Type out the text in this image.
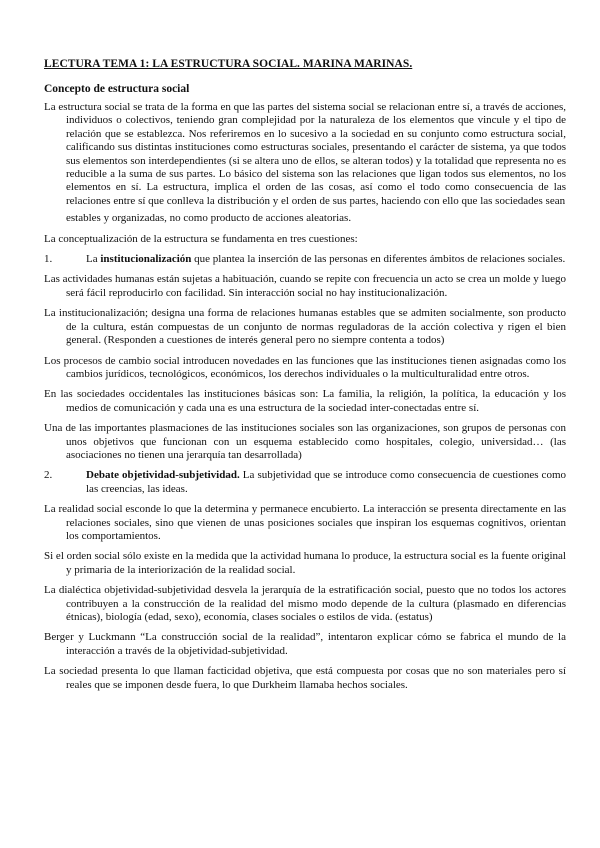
LECTURA TEMA 1: LA ESTRUCTURA SOCIAL. MARINA MARINAS.
Concepto de estructura social

La estructura social se trata de la forma en que las partes del sistema social se relacionan entre sí, a través de acciones, individuos o colectivos, teniendo gran complejidad por la naturaleza de los elementos que vincule y el tipo de relación que se establezca. Nos referiremos en lo sucesivo a la sociedad en su conjunto como estructura social, calificando sus distintas instituciones como estructuras sociales, presentando el carácter de sistema, ya que todos sus elementos son interdependientes (si se altera uno de ellos, se alteran todos) y la totalidad que representa no es reducible a la suma de sus partes. Lo básico del sistema son las relaciones que ligan todos sus elementos, no los elementos en sí. La estructura, implica el orden de las cosas, así como el todo como consecuencia de las relaciones entre sí que conlleva la distribución y el orden de sus partes, haciendo con ello que las sociedades sean

estables y organizadas, no como producto de acciones aleatorias.

La conceptualización de la estructura se fundamenta en tres cuestiones:

1.	La institucionalización que plantea la inserción de las personas en diferentes ámbitos de relaciones sociales.

Las actividades humanas están sujetas a habituación, cuando se repite con frecuencia un acto se crea un molde y luego será fácil reproducirlo con facilidad. Sin interacción social no hay institucionalización.

La institucionalización; designa una forma de relaciones humanas estables que se admiten socialmente, son producto de la cultura, están compuestas de un conjunto de normas reguladoras de la acción colectiva y rigen el bien general. (Responden a cuestiones de interés general pero no siempre contenta a todos)

Los procesos de cambio social introducen novedades en las funciones que las instituciones tienen asignadas como los cambios jurídicos, tecnológicos, económicos, los derechos individuales o la multiculturalidad entre otros.

En las sociedades occidentales las instituciones básicas son: La familia, la religión, la política, la educación y los medios de comunicación y cada una es una estructura de la sociedad inter-conectadas entre sí.

Una de las importantes plasmaciones de las instituciones sociales son las organizaciones, son grupos de personas con unos objetivos que funcionan con un esquema establecido como hospitales, colegio, universidad… (las asociaciones no tienen una jerarquía tan desarrollada)

2.	Debate objetividad-subjetividad. La subjetividad que se introduce como consecuencia de cuestiones como las creencias, las ideas.

La realidad social esconde lo que la determina y permanece encubierto. La interacción se presenta directamente en las relaciones sociales, sino que vienen de unas posiciones sociales que inspiran los esquemas cognitivos, orientan los comportamientos.

Si el orden social sólo existe en la medida que la actividad humana lo produce, la estructura social es la fuente original y primaria de la interiorización de la realidad social.

La dialéctica objetividad-subjetividad desvela la jerarquía de la estratificación social, puesto que no todos los actores contribuyen a la construcción de la realidad del mismo modo depende de la cultura (plasmado en diferencias étnicas), biología (edad, sexo), economía, clases sociales o estilos de vida. (estatus)

Berger y Luckmann “La construcción social de la realidad”, intentaron explicar cómo se fabrica el mundo de la interacción a través de la objetividad-subjetividad.

La sociedad presenta lo que llaman facticidad objetiva, que está compuesta por cosas que no son materiales pero sí reales que se imponen desde fuera, lo que Durkheim llamaba hechos sociales.
